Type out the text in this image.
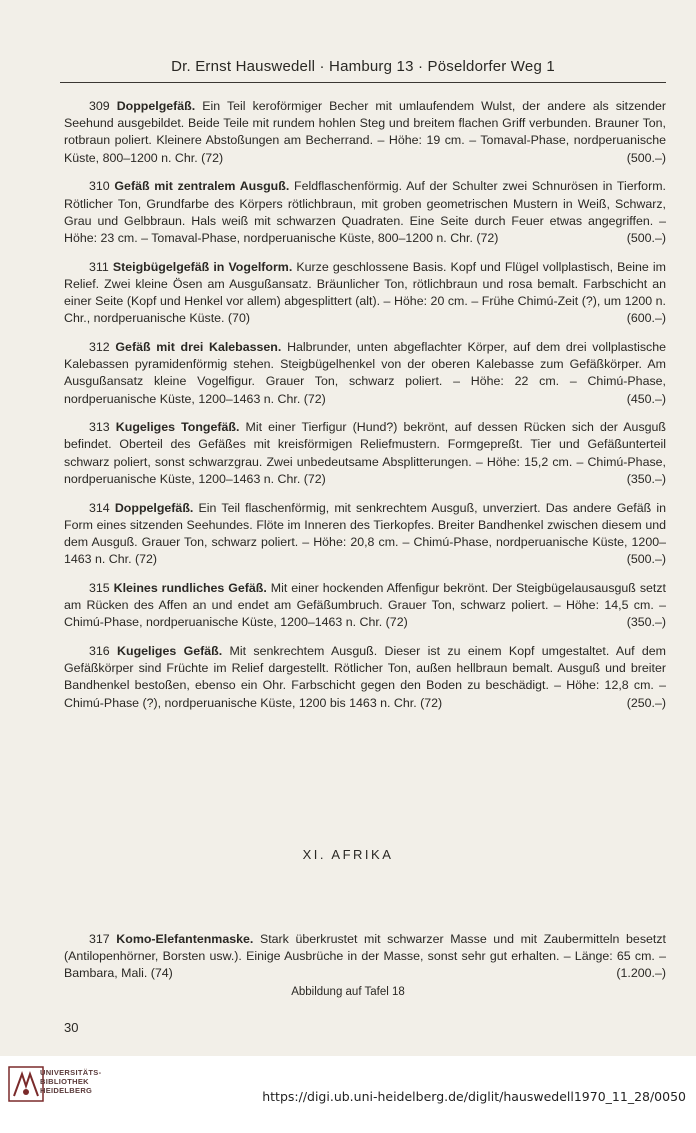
Dr. Ernst Hauswedell · Hamburg 13 · Pöseldorfer Weg 1

309 Doppelgefäß. Ein Teil keroförmiger Becher mit umlaufendem Wulst, der andere als sitzender Seehund ausgebildet. Beide Teile mit rundem hohlen Steg und breitem flachen Griff verbunden. Brauner Ton, rotbraun poliert. Kleinere Abstoßungen am Becherrand. – Höhe: 19 cm. – Tomaval-Phase, nordperuanische Küste, 800–1200 n. Chr. (72)	(500.–)

310 Gefäß mit zentralem Ausguß. Feldflaschenförmig. Auf der Schulter zwei Schnurösen in Tierform. Rötlicher Ton, Grundfarbe des Körpers rötlichbraun, mit groben geometrischen Mustern in Weiß, Schwarz, Grau und Gelbbraun. Hals weiß mit schwarzen Quadraten. Eine Seite durch Feuer etwas angegriffen. – Höhe: 23 cm. – Tomaval-Phase, nordperuanische Küste, 800–1200 n. Chr. (72)	(500.–)

311 Steigbügelgefäß in Vogelform. Kurze geschlossene Basis. Kopf und Flügel vollplastisch, Beine im Relief. Zwei kleine Ösen am Ausgußansatz. Bräunlicher Ton, rötlichbraun und rosa bemalt. Farbschicht an einer Seite (Kopf und Henkel vor allem) abgesplittert (alt). – Höhe: 20 cm. – Frühe Chimú-Zeit (?), um 1200 n. Chr., nordperuanische Küste. (70)	(600.–)

312 Gefäß mit drei Kalebassen. Halbrunder, unten abgeflachter Körper, auf dem drei vollplastische Kalebassen pyramidenförmig stehen. Steigbügelhenkel von der oberen Kalebasse zum Gefäßkörper. Am Ausgußansatz kleine Vogelfigur. Grauer Ton, schwarz poliert. – Höhe: 22 cm. – Chimú-Phase, nordperuanische Küste, 1200–1463 n. Chr. (72)	(450.–)

313 Kugeliges Tongefäß. Mit einer Tierfigur (Hund?) bekrönt, auf dessen Rücken sich der Ausguß befindet. Oberteil des Gefäßes mit kreisförmigen Reliefmustern. Formgepreßt. Tier und Gefäßunterteil schwarz poliert, sonst schwarzgrau. Zwei unbedeutsame Absplitterungen. – Höhe: 15,2 cm. – Chimú-Phase, nordperuanische Küste, 1200–1463 n. Chr. (72)	(350.–)

314 Doppelgefäß. Ein Teil flaschenförmig, mit senkrechtem Ausguß, unverziert. Das andere Gefäß in Form eines sitzenden Seehundes. Flöte im Inneren des Tierkopfes. Breiter Bandhenkel zwischen diesem und dem Ausguß. Grauer Ton, schwarz poliert. – Höhe: 20,8 cm. – Chimú-Phase, nordperuanische Küste, 1200–1463 n. Chr. (72)	(500.–)

315 Kleines rundliches Gefäß. Mit einer hockenden Affenfigur bekrönt. Der Steigbügelausausguß setzt am Rücken des Affen an und endet am Gefäßumbruch. Grauer Ton, schwarz poliert. – Höhe: 14,5 cm. – Chimú-Phase, nordperuanische Küste, 1200–1463 n. Chr. (72)	(350.–)

316 Kugeliges Gefäß. Mit senkrechtem Ausguß. Dieser ist zu einem Kopf umgestaltet. Auf dem Gefäßkörper sind Früchte im Relief dargestellt. Rötlicher Ton, außen hellbraun bemalt. Ausguß und breiter Bandhenkel bestoßen, ebenso ein Ohr. Farbschicht gegen den Boden zu beschädigt. – Höhe: 12,8 cm. – Chimú-Phase (?), nordperuanische Küste, 1200 bis 1463 n. Chr. (72)	(250.–)

XI. AFRIKA

317 Komo-Elefantenmaske. Stark überkrustet mit schwarzer Masse und mit Zaubermitteln besetzt (Antilopenhörner, Borsten usw.). Einige Ausbrüche in der Masse, sonst sehr gut erhalten. – Länge: 65 cm. – Bambara, Mali. (74)	(1.200.–)

Abbildung auf Tafel 18
30
UNIVERSITÄTS-
BIBLIOTHEK
HEIDELBERG	https://digi.ub.uni-heidelberg.de/diglit/hauswedell1970_11_28/0050
